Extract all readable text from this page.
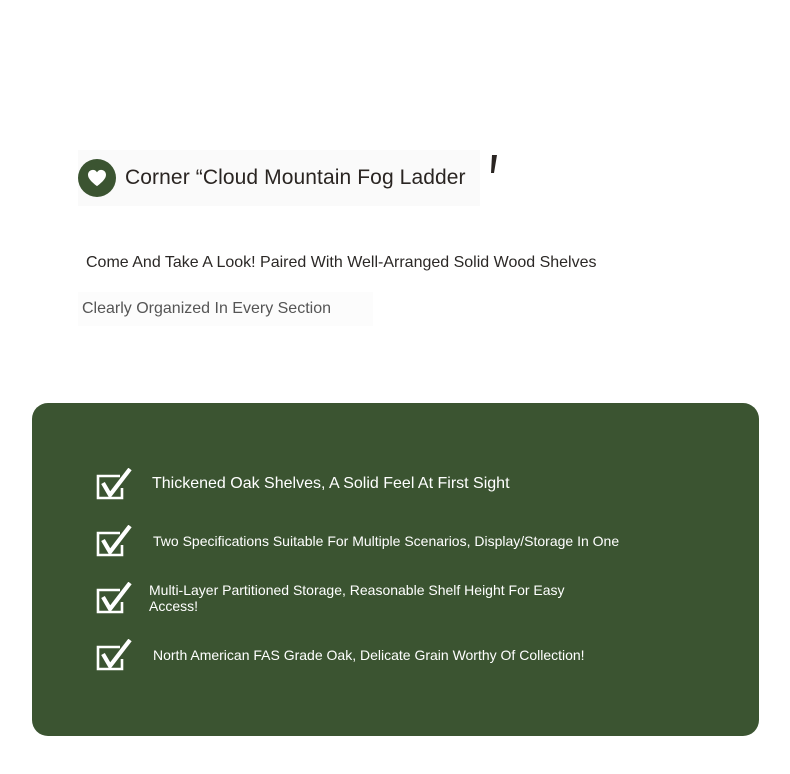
Corner “Cloud Mountain Fog Ladder
Come And Take A Look! Paired With Well-Arranged Solid Wood Shelves
Clearly Organized In Every Section
Thickened Oak Shelves, A Solid Feel At First Sight
Two Specifications Suitable For Multiple Scenarios, Display/Storage In One
Multi-Layer Partitioned Storage, Reasonable Shelf Height For Easy Access!
North American FAS Grade Oak, Delicate Grain Worthy Of Collection!
